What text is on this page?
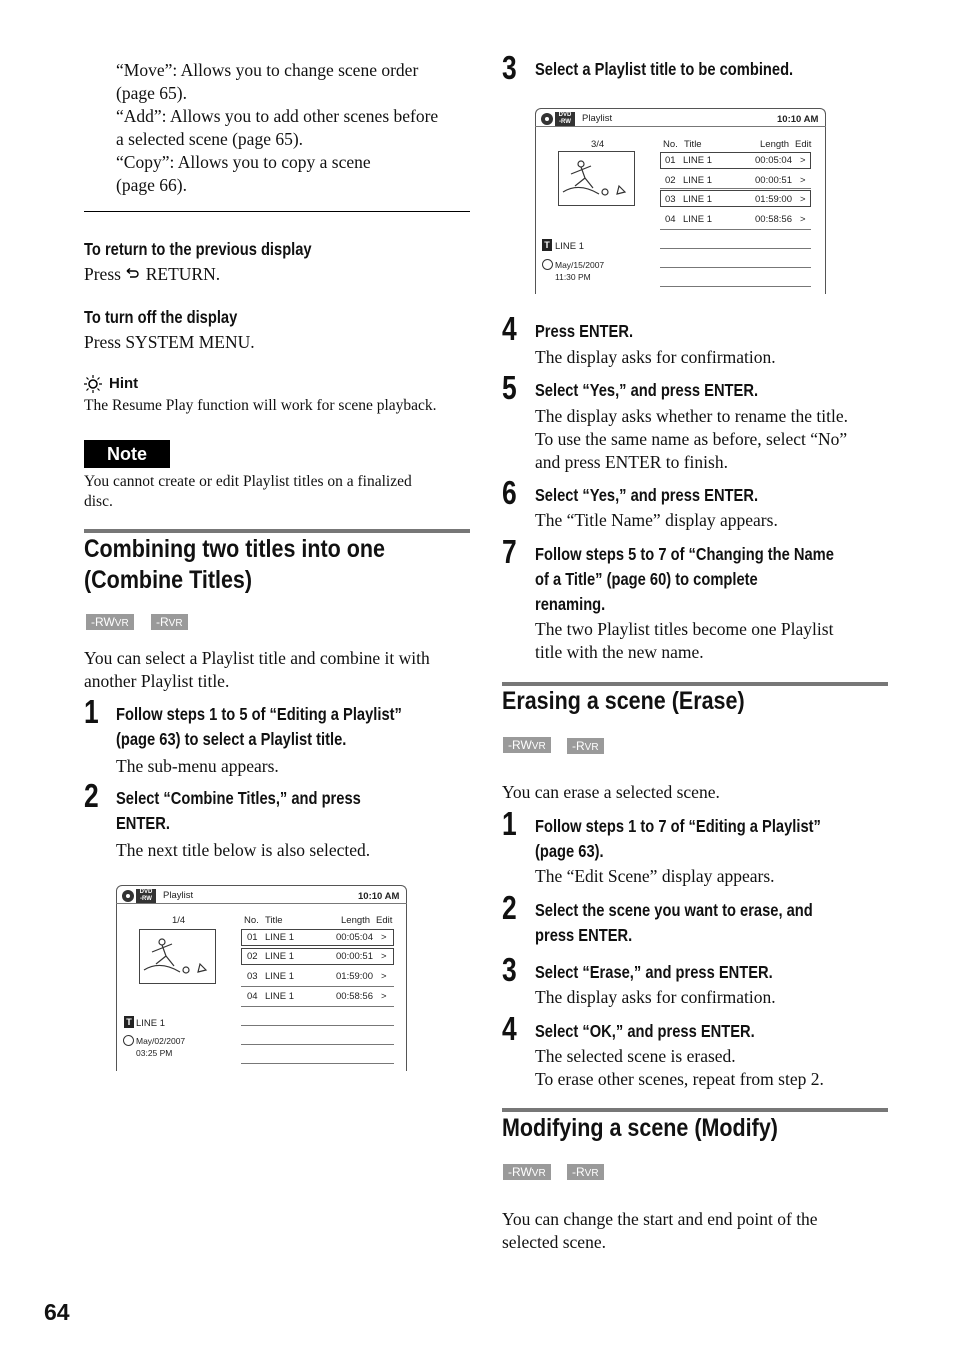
“Move”: Allows you to change scene order
(page 65).
“Add”: Allows you to add other scenes before
a selected scene (page 65).
“Copy”: Allows you to copy a scene
(page 66).
To return to the previous display
Press RETURN.
To turn off the display
Press SYSTEM MENU.
Hint
The Resume Play function will work for scene playback.
Note
You cannot create or edit Playlist titles on a finalized
disc.
Combining two titles into one
(Combine Titles)
-RWVR	-RVR
You can select a Playlist title and combine it with
another Playlist title.
1 Follow steps 1 to 5 of “Editing a Playlist”
(page 63) to select a Playlist title.
The sub-menu appears.
2 Select “Combine Titles,” and press
ENTER.
The next title below is also selected.
DVD
-RW	Playlist	10:10 AM
1/4	No. Title	Length Edit
01 LINE 1	00:05:04 >
02 LINE 1	00:00:51 >
03 LINE 1	01:59:00 >
04 LINE 1	00:58:56 >
T LINE 1
May/02/2007
03:25 PM
3 Select a Playlist title to be combined.
DVD
-RW	Playlist	10:10 AM
3/4	No. Title	Length Edit
01 LINE 1	00:05:04 >
02 LINE 1	00:00:51 >
03 LINE 1	01:59:00 >
04 LINE 1	00:58:56 >
T LINE 1
May/15/2007
11:30 PM
4 Press ENTER.
The display asks for confirmation.
5 Select “Yes,” and press ENTER.
The display asks whether to rename the title.
To use the same name as before, select “No”
and press ENTER to finish.
6 Select “Yes,” and press ENTER.
The “Title Name” display appears.
7 Follow steps 5 to 7 of “Changing the Name
of a Title” (page 60) to complete
renaming.
The two Playlist titles become one Playlist
title with the new name.
Erasing a scene (Erase)
-RWVR	-RVR
You can erase a selected scene.
1 Follow steps 1 to 7 of “Editing a Playlist”
(page 63).
The “Edit Scene” display appears.
2 Select the scene you want to erase, and
press ENTER.
3 Select “Erase,” and press ENTER.
The display asks for confirmation.
4 Select “OK,” and press ENTER.
The selected scene is erased.
To erase other scenes, repeat from step 2.
Modifying a scene (Modify)
-RWVR	-RVR
You can change the start and end point of the
selected scene.
64
